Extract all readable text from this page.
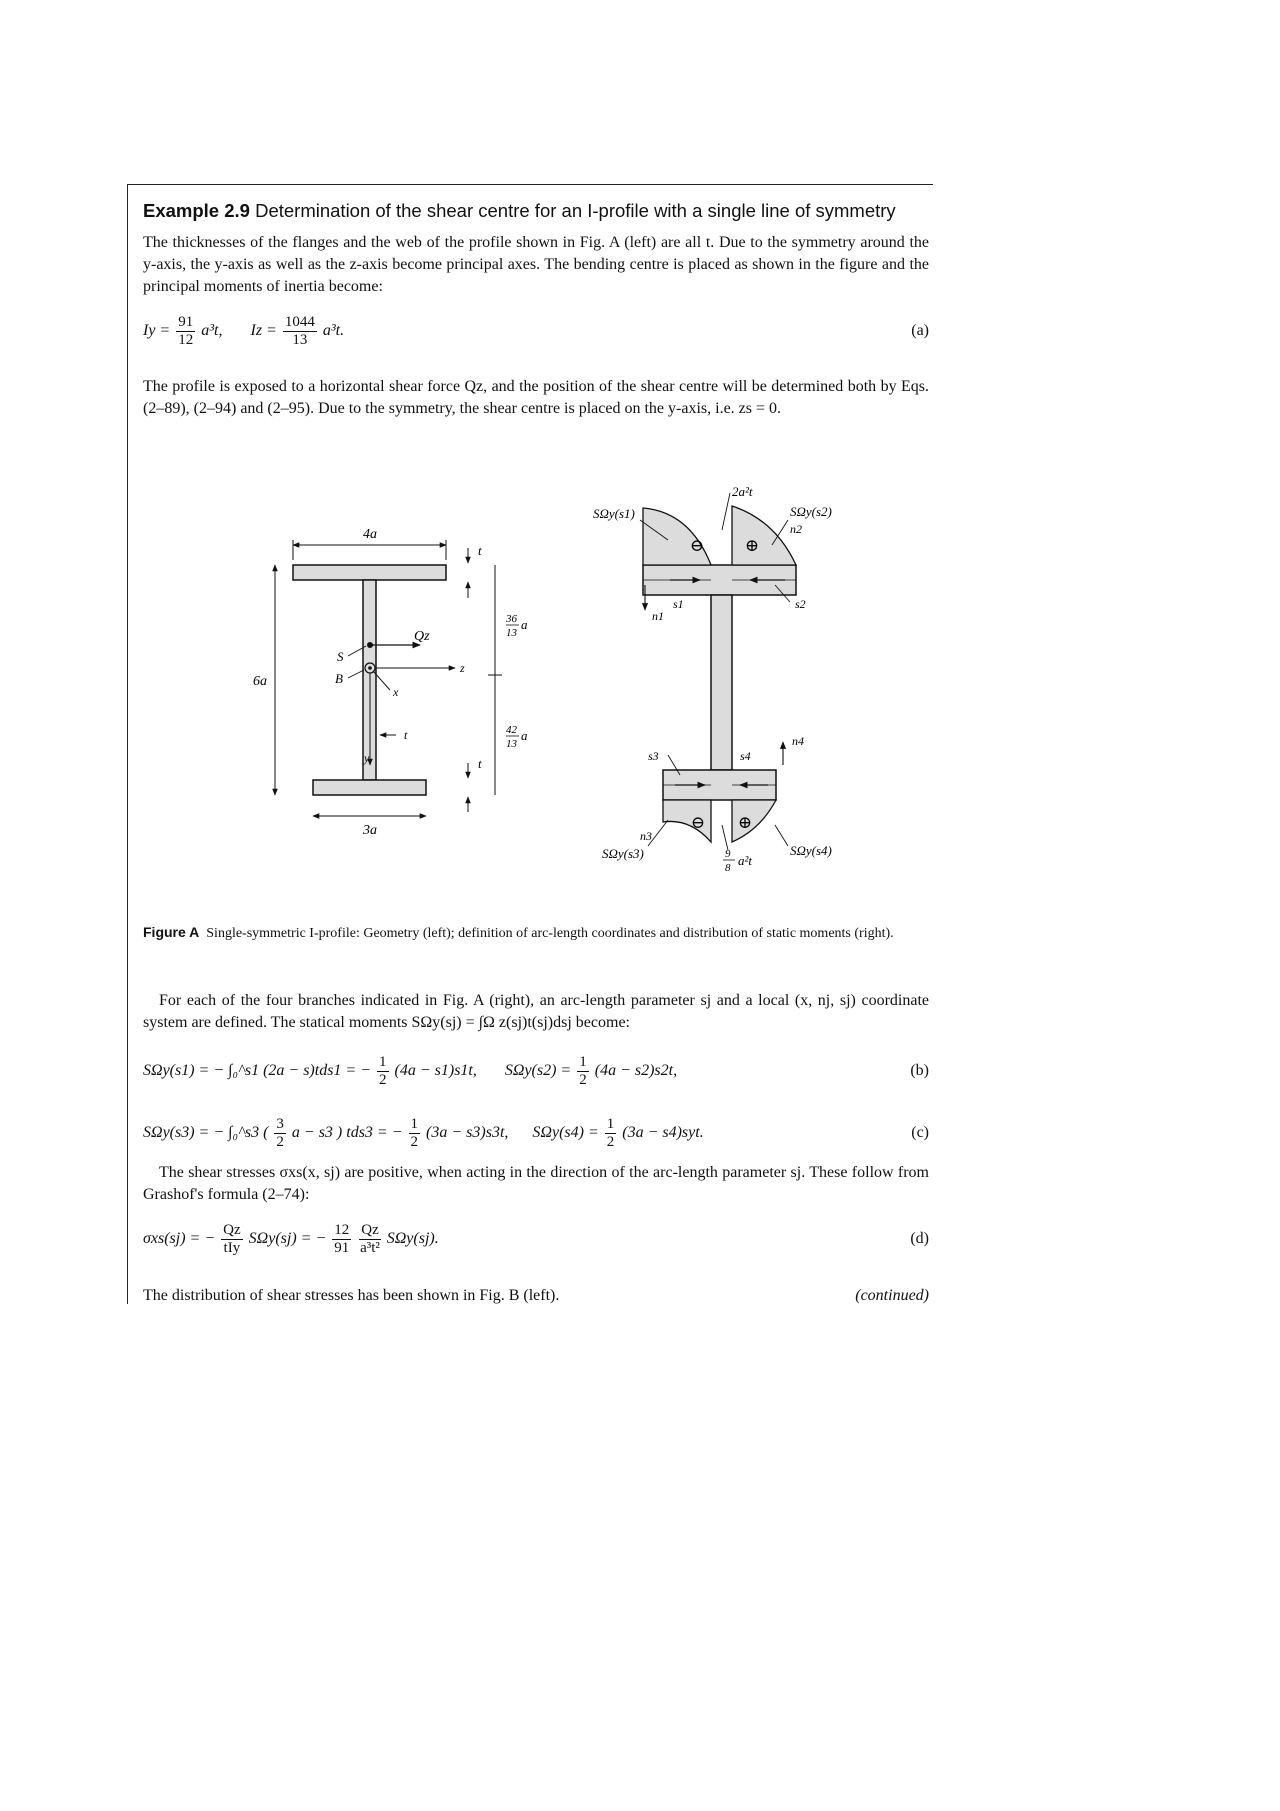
Example 2.9 Determination of the shear centre for an I-profile with a single line of symmetry
The thicknesses of the flanges and the web of the profile shown in Fig. A (left) are all t. Due to the symmetry around the y-axis, the y-axis as well as the z-axis become principal axes. The bending centre is placed as shown in the figure and the principal moments of inertia become:
$Iy = \frac{91}{12} a^3t$, $Iz = \frac{1044}{13} a^3t$.	(a)
The profile is exposed to a horizontal shear force Qz, and the position of the shear centre will be determined both by Eqs. (2–89), (2–94) and (2–95). Due to the symmetry, the shear centre is placed on the y-axis, i.e. zs = 0.
4a
3a
6a
t
t
36
13
a
42
13
a
Qz
z
y
x
t
S
B
⊖ ⊕
⊖ ⊕
n1
s1
n2
s2
s3	s4
n4
n3
SΩy(s1)	SΩy(s2)
2a²t
SΩy(s3)	SΩy(s4)
9
8 a²t
Figure A Single-symmetric I-profile: Geometry (left); definition of arc-length coordinates and distribution of static moments (right).
For each of the four branches indicated in Fig. A (right), an arc-length parameter sj and a local (x, nj, sj) coordinate system are defined. The statical moments SΩy(sj) = ∫Ω z(sj)t(sj)dsj become:
SΩy(s1) = − ∫₀^s1 (2a − s)tds1 = − $\frac{1}{2} (4a - s1)s1t$, $S\Omega y(s2) = \frac{1}{2} (4a - s2)s2t$,	(b)
SΩy(s3) = − ∫₀^s3 ( $\frac{3}{2}$ a − s3 ) tds3 = − $\frac{1}{2} (3a - s3)s3t$, $S\Omega y(s4) = \frac{1}{2} (3a - s4)syt$.	(c)
The shear stresses σxs(x, sj) are positive, when acting in the direction of the arc-length parameter sj. These follow from Grashof's formula (2–74):
σxs(sj) = − $\frac{Qz}{\text{tIy}} S\Omega y(sj)$ = − $\frac{12}{91}$
$\frac{Qz}{\text{a³t²}} S\Omega y(sj)$.	(d)
The distribution of shear stresses has been shown in Fig. B (left).	(continued)
